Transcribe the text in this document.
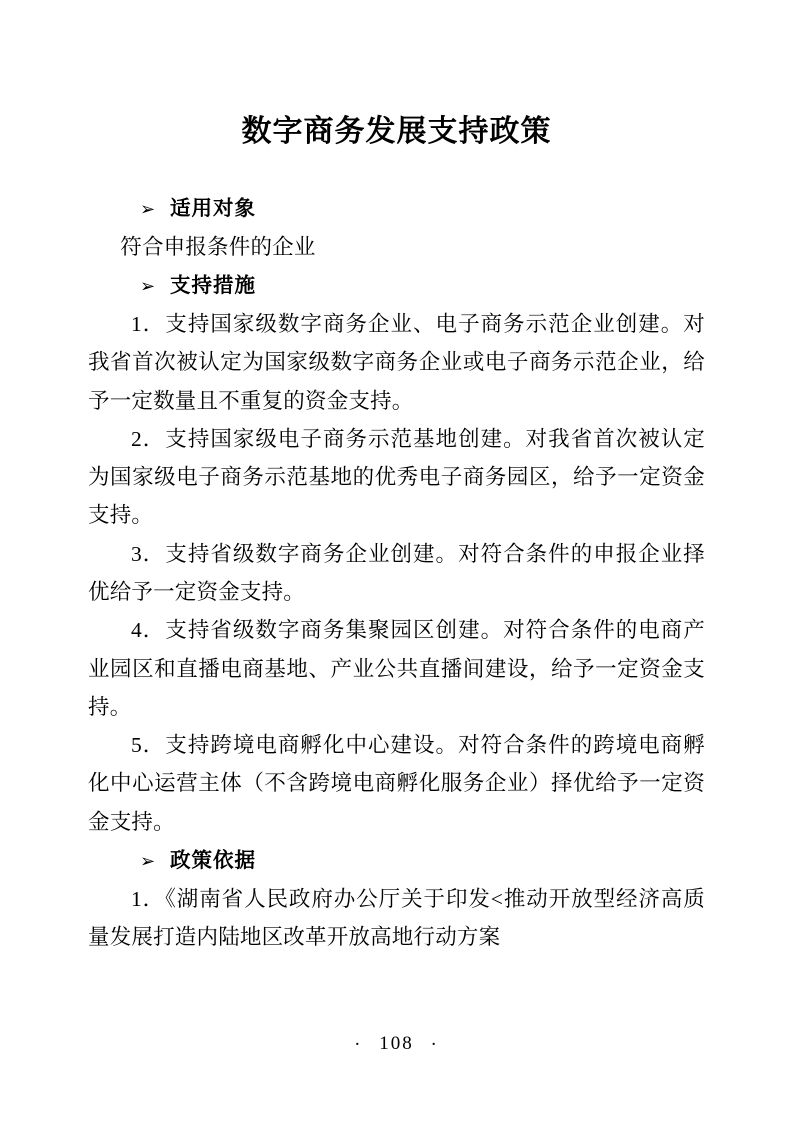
数字商务发展支持政策
➢ 适用对象

符合申报条件的企业

➢ 支持措施

1．支持国家级数字商务企业、电子商务示范企业创建。对我省首次被认定为国家级数字商务企业或电子商务示范企业，给予一定数量且不重复的资金支持。

2．支持国家级电子商务示范基地创建。对我省首次被认定为国家级电子商务示范基地的优秀电子商务园区，给予一定资金支持。

3．支持省级数字商务企业创建。对符合条件的申报企业择优给予一定资金支持。

4．支持省级数字商务集聚园区创建。对符合条件的电商产业园区和直播电商基地、产业公共直播间建设，给予一定资金支持。

5．支持跨境电商孵化中心建设。对符合条件的跨境电商孵化中心运营主体（不含跨境电商孵化服务企业）择优给予一定资金支持。

➢ 政策依据

1．《湖南省人民政府办公厅关于印发<推动开放型经济高质量发展打造内陆地区改革开放高地行动方案

· 108 ·
